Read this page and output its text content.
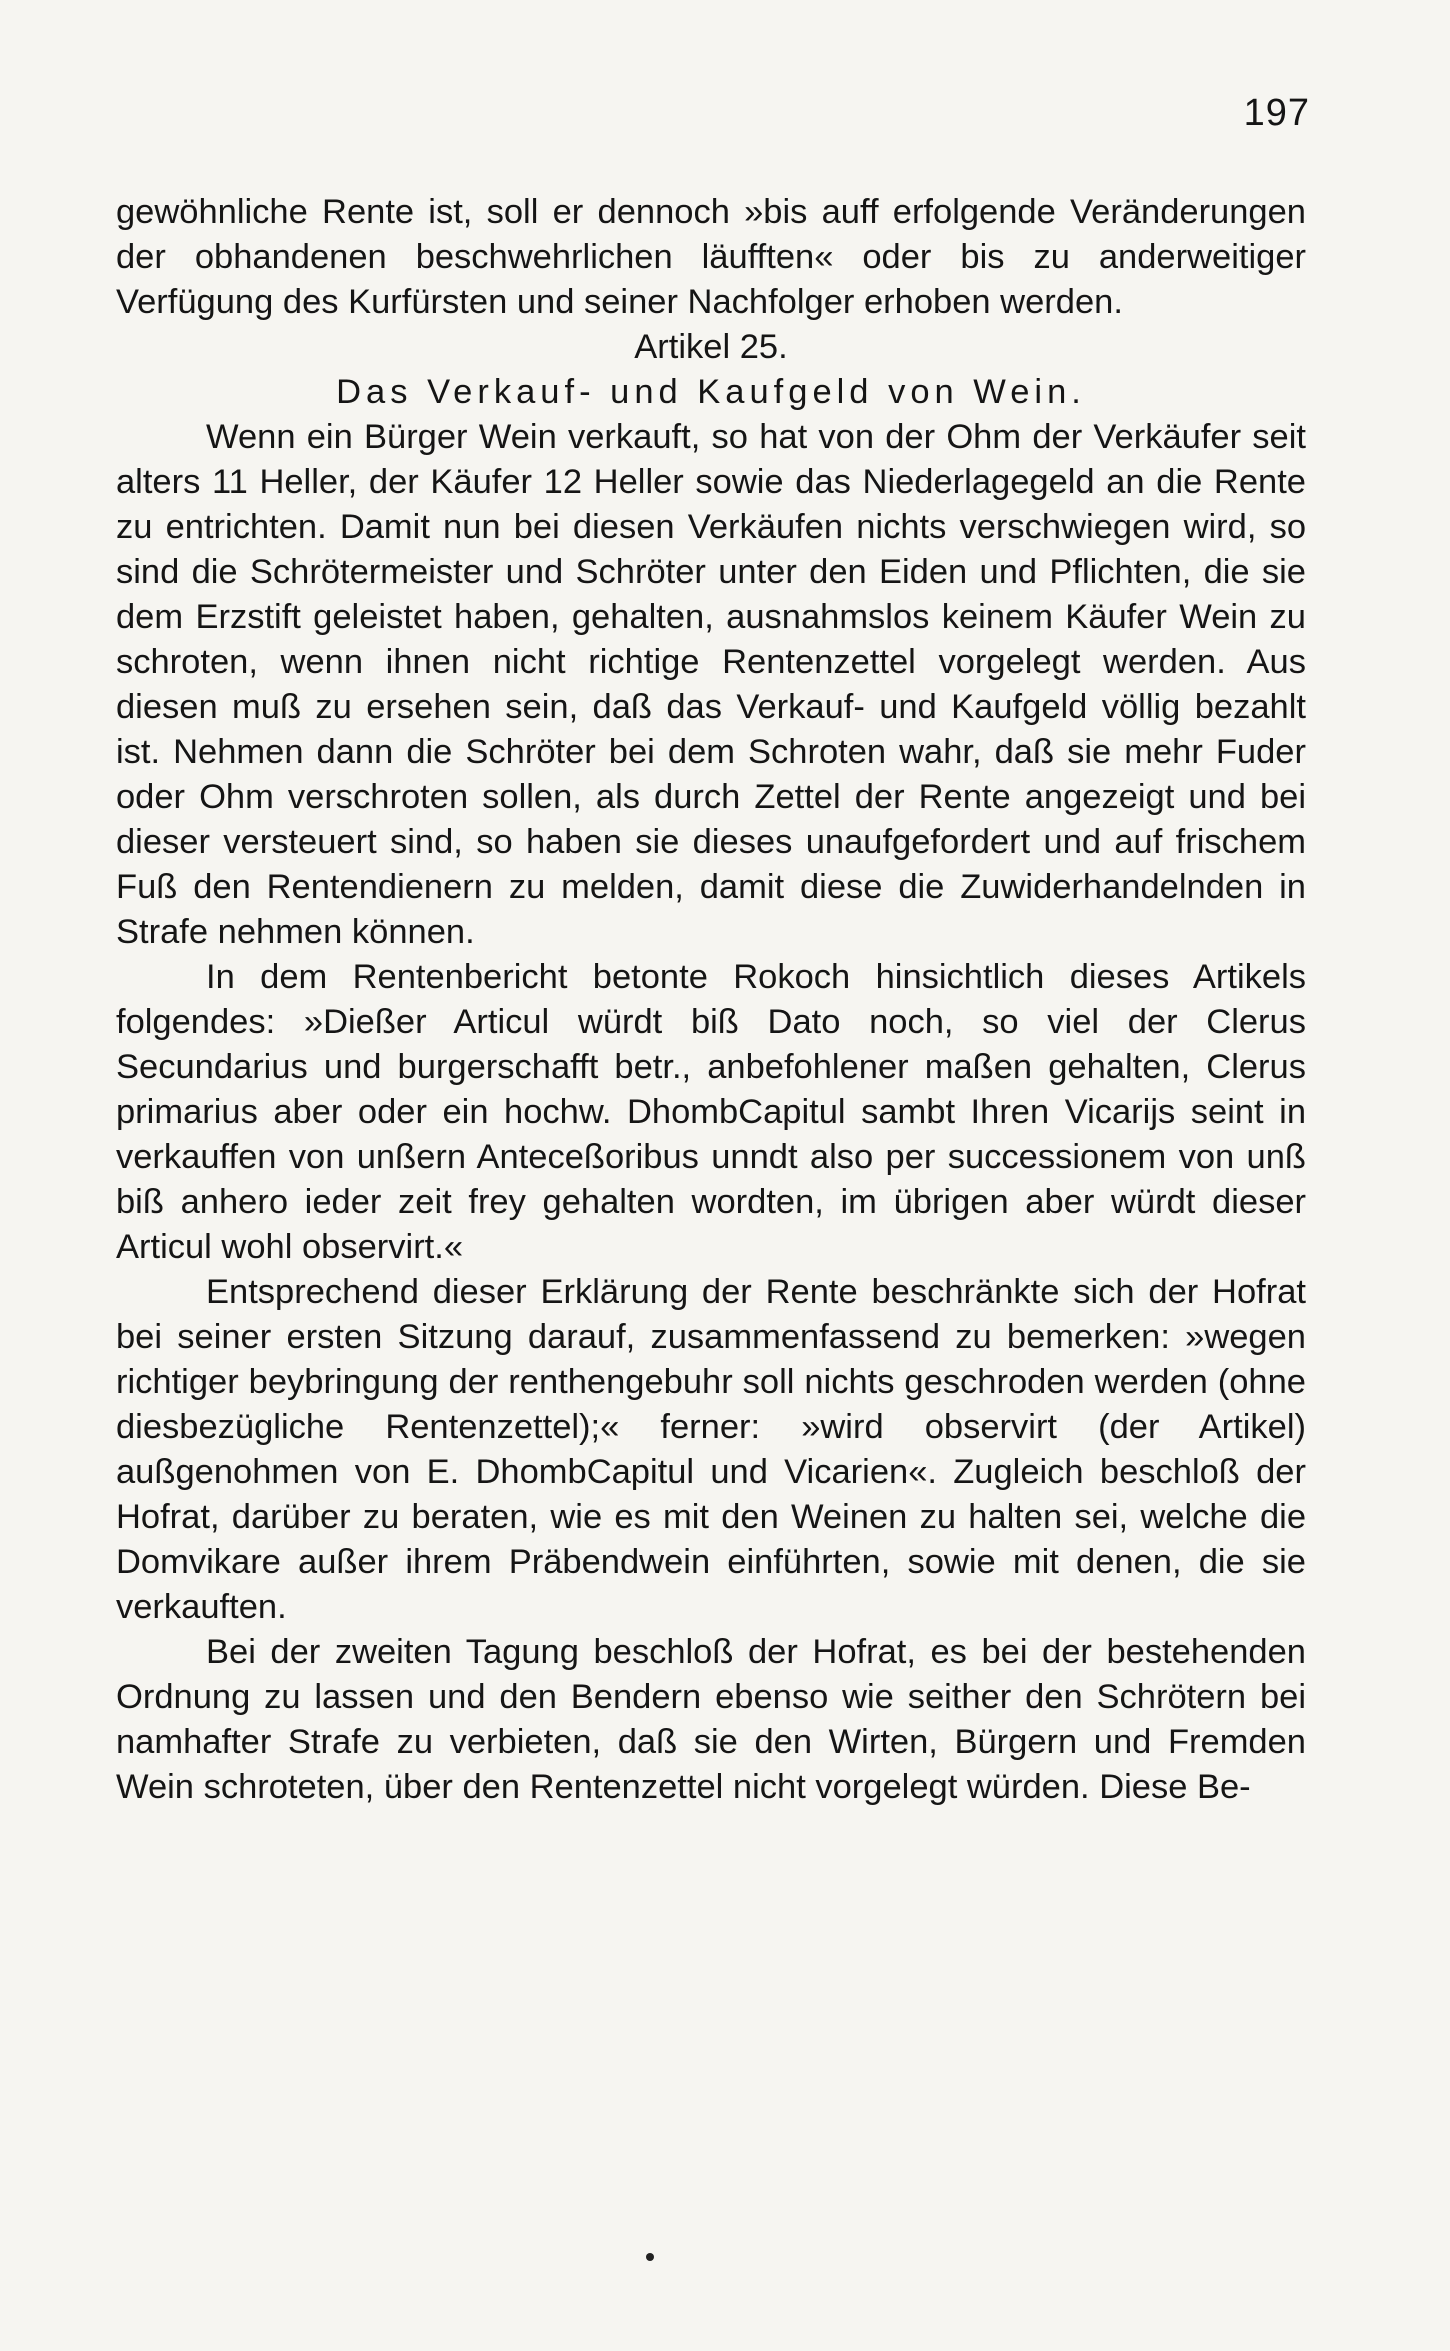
197

gewöhnliche Rente ist, soll er dennoch »bis auff erfolgende Veränderungen der obhandenen beschwehrlichen läufften« oder bis zu anderweitiger Verfügung des Kurfürsten und seiner Nachfolger erhoben werden.

Artikel 25.

Das Verkauf- und Kaufgeld von Wein.

Wenn ein Bürger Wein verkauft, so hat von der Ohm der Verkäufer seit alters 11 Heller, der Käufer 12 Heller sowie das Niederlagegeld an die Rente zu entrichten. Damit nun bei diesen Verkäufen nichts verschwiegen wird, so sind die Schrötermeister und Schröter unter den Eiden und Pflichten, die sie dem Erzstift geleistet haben, gehalten, ausnahmslos keinem Käufer Wein zu schroten, wenn ihnen nicht richtige Rentenzettel vorgelegt werden. Aus diesen muß zu ersehen sein, daß das Verkauf- und Kaufgeld völlig bezahlt ist. Nehmen dann die Schröter bei dem Schroten wahr, daß sie mehr Fuder oder Ohm verschroten sollen, als durch Zettel der Rente angezeigt und bei dieser versteuert sind, so haben sie dieses unaufgefordert und auf frischem Fuß den Rentendienern zu melden, damit diese die Zuwiderhandelnden in Strafe nehmen können.

In dem Rentenbericht betonte Rokoch hinsichtlich dieses Artikels folgendes: »Dießer Articul würdt biß Dato noch, so viel der Clerus Secundarius und burgerschafft betr., anbefohlener maßen gehalten, Clerus primarius aber oder ein hochw. DhombCapitul sambt Ihren Vicarijs seint in verkauffen von unßern Anteceßoribus unndt also per successionem von unß biß anhero ieder zeit frey gehalten wordten, im übrigen aber würdt dieser Articul wohl observirt.«

Entsprechend dieser Erklärung der Rente beschränkte sich der Hofrat bei seiner ersten Sitzung darauf, zusammenfassend zu bemerken: »wegen richtiger beybringung der renthengebuhr soll nichts geschroden werden (ohne diesbezügliche Rentenzettel);« ferner: »wird observirt (der Artikel) außgenohmen von E. DhombCapitul und Vicarien«. Zugleich beschloß der Hofrat, darüber zu beraten, wie es mit den Weinen zu halten sei, welche die Domvikare außer ihrem Präbendwein einführten, sowie mit denen, die sie verkauften.

Bei der zweiten Tagung beschloß der Hofrat, es bei der bestehenden Ordnung zu lassen und den Bendern ebenso wie seither den Schrötern bei namhafter Strafe zu verbieten, daß sie den Wirten, Bürgern und Fremden Wein schroteten, über den Rentenzettel nicht vorgelegt würden. Diese Be-
